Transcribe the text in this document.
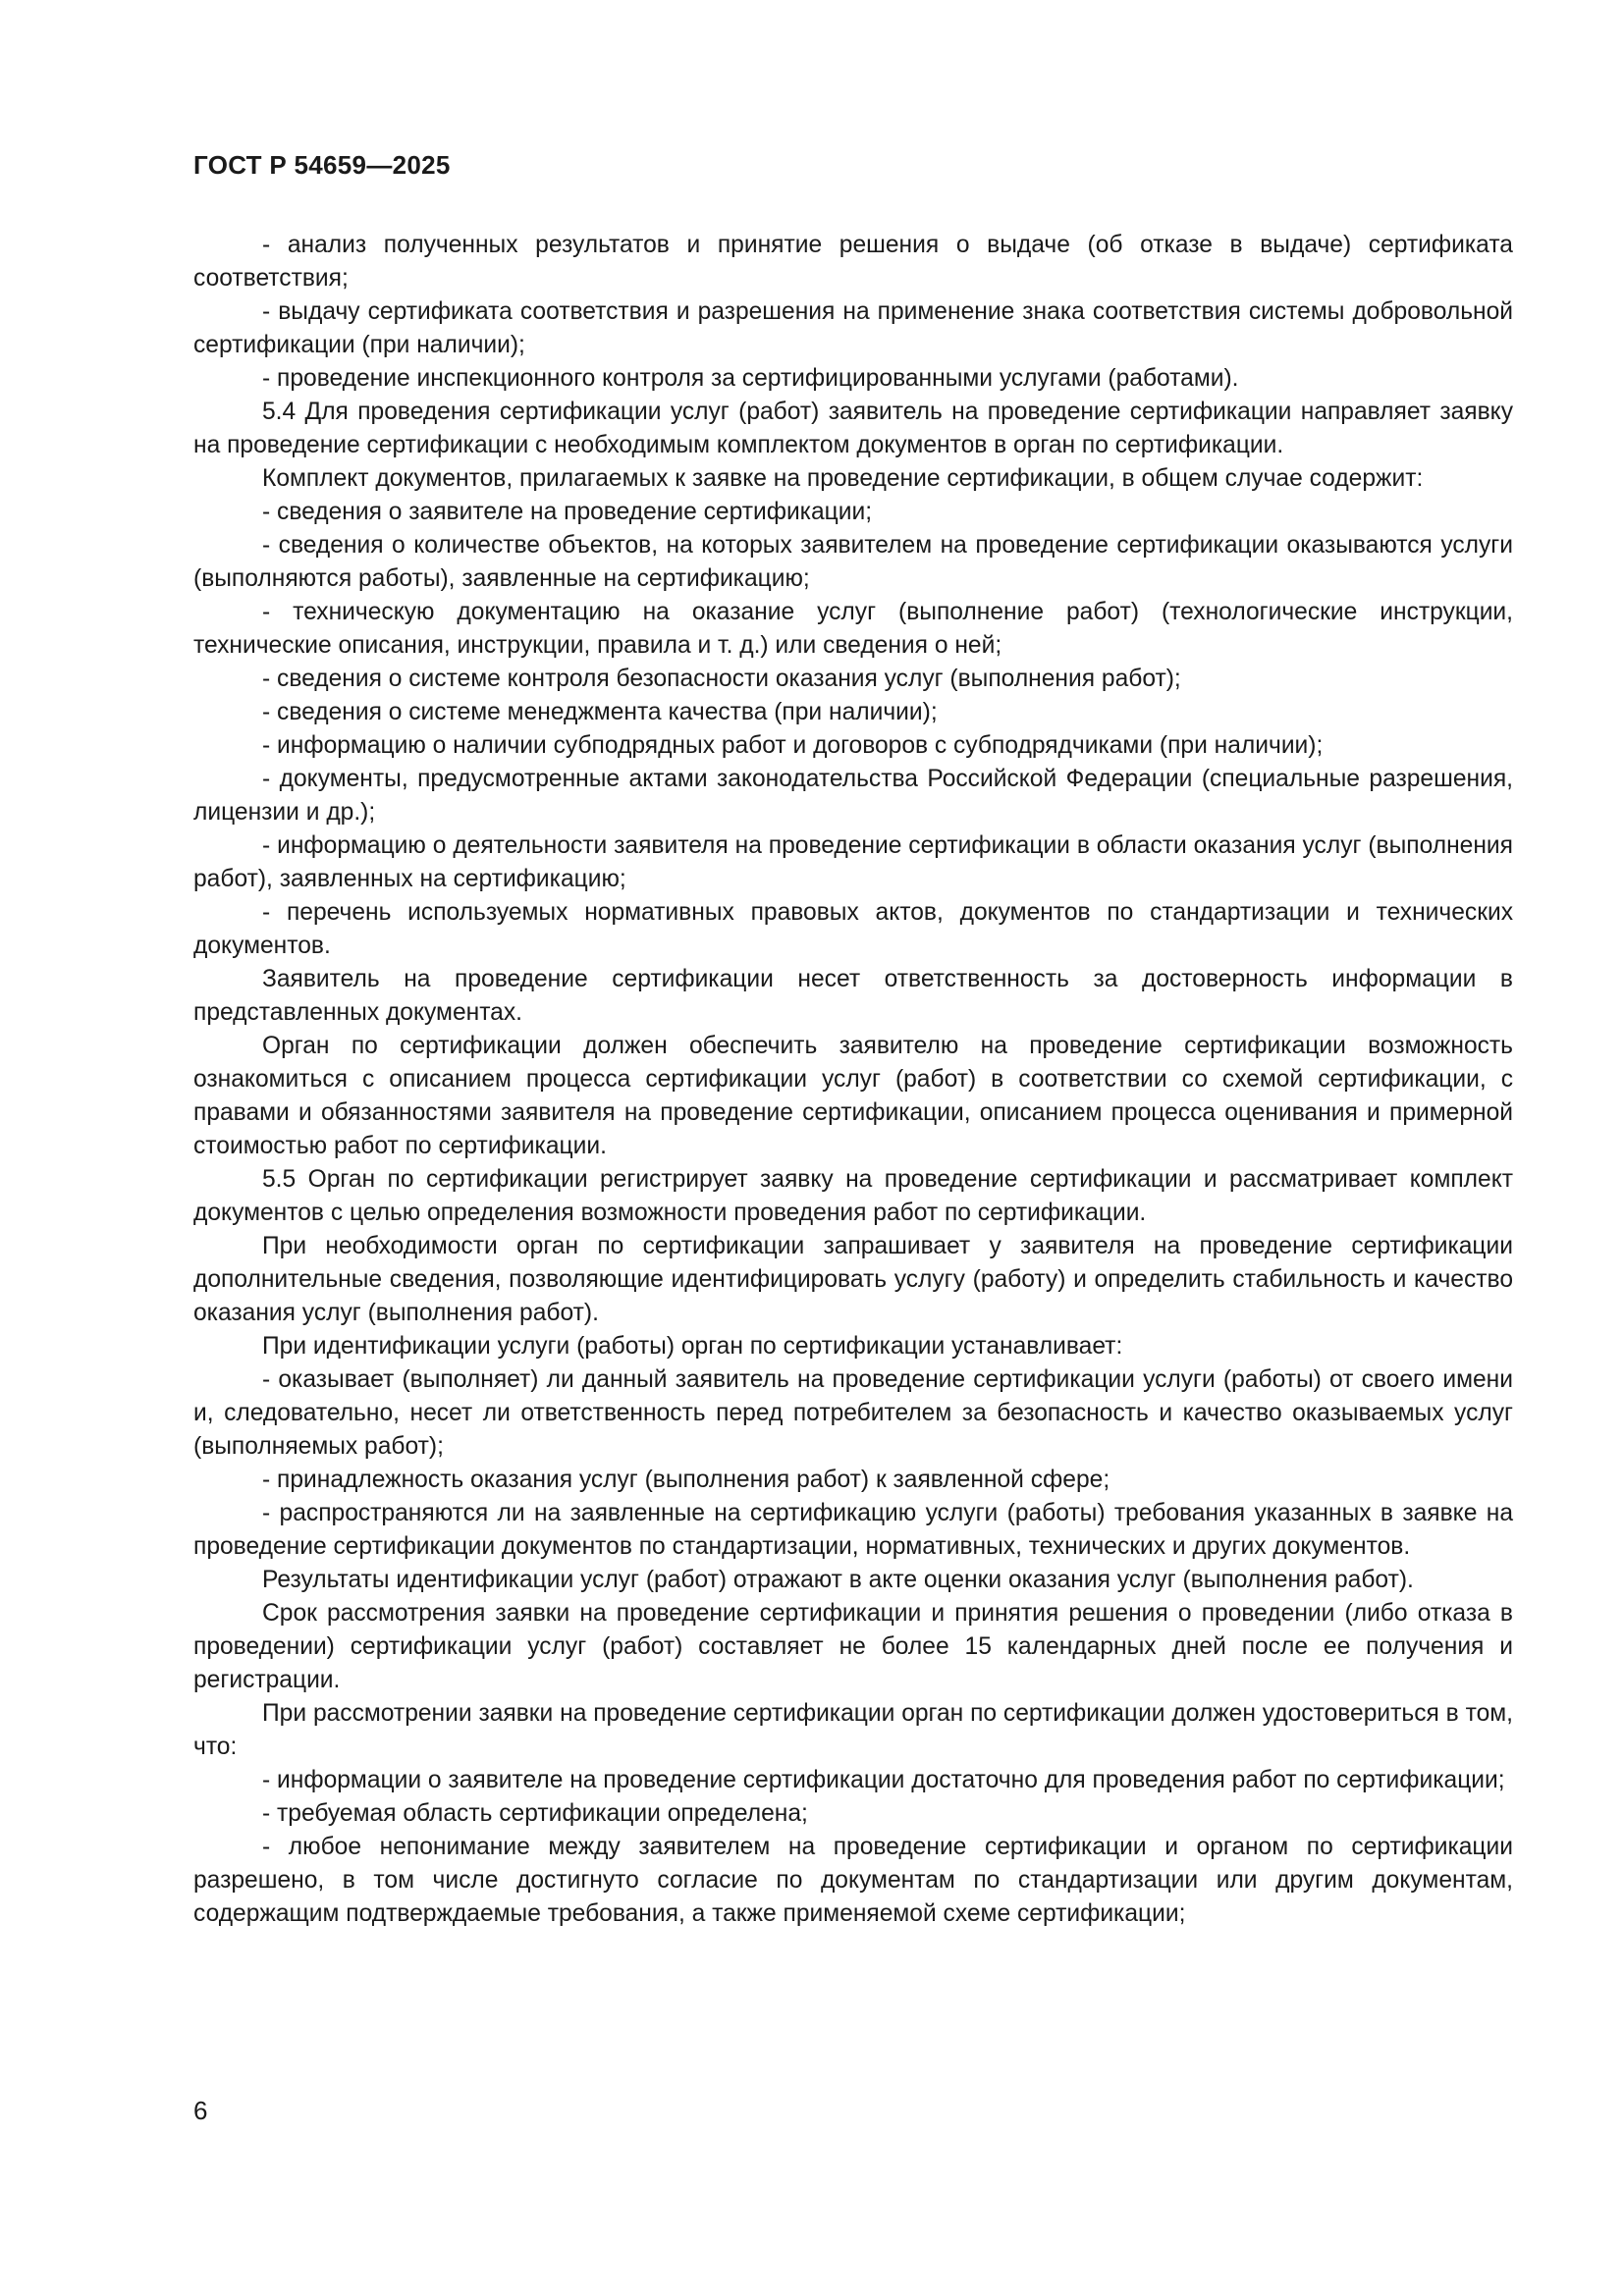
ГОСТ Р 54659—2025

- анализ полученных результатов и принятие решения о выдаче (об отказе в выдаче) сертификата соответствия;

- выдачу сертификата соответствия и разрешения на применение знака соответствия системы добровольной сертификации (при наличии);

- проведение инспекционного контроля за сертифицированными услугами (работами).

5.4 Для проведения сертификации услуг (работ) заявитель на проведение сертификации направляет заявку на проведение сертификации с необходимым комплектом документов в орган по сертификации.

Комплект документов, прилагаемых к заявке на проведение сертификации, в общем случае содержит:

- сведения о заявителе на проведение сертификации;

- сведения о количестве объектов, на которых заявителем на проведение сертификации оказываются услуги (выполняются работы), заявленные на сертификацию;

- техническую документацию на оказание услуг (выполнение работ) (технологические инструкции, технические описания, инструкции, правила и т. д.) или сведения о ней;

- сведения о системе контроля безопасности оказания услуг (выполнения работ);

- сведения о системе менеджмента качества (при наличии);

- информацию о наличии субподрядных работ и договоров с субподрядчиками (при наличии);

- документы, предусмотренные актами законодательства Российской Федерации (специальные разрешения, лицензии и др.);

- информацию о деятельности заявителя на проведение сертификации в области оказания услуг (выполнения работ), заявленных на сертификацию;

- перечень используемых нормативных правовых актов, документов по стандартизации и технических документов.

Заявитель на проведение сертификации несет ответственность за достоверность информации в представленных документах.

Орган по сертификации должен обеспечить заявителю на проведение сертификации возможность ознакомиться с описанием процесса сертификации услуг (работ) в соответствии со схемой сертификации, с правами и обязанностями заявителя на проведение сертификации, описанием процесса оценивания и примерной стоимостью работ по сертификации.

5.5 Орган по сертификации регистрирует заявку на проведение сертификации и рассматривает комплект документов с целью определения возможности проведения работ по сертификации.

При необходимости орган по сертификации запрашивает у заявителя на проведение сертификации дополнительные сведения, позволяющие идентифицировать услугу (работу) и определить стабильность и качество оказания услуг (выполнения работ).

При идентификации услуги (работы) орган по сертификации устанавливает:

- оказывает (выполняет) ли данный заявитель на проведение сертификации услуги (работы) от своего имени и, следовательно, несет ли ответственность перед потребителем за безопасность и качество оказываемых услуг (выполняемых работ);

- принадлежность оказания услуг (выполнения работ) к заявленной сфере;

- распространяются ли на заявленные на сертификацию услуги (работы) требования указанных в заявке на проведение сертификации документов по стандартизации, нормативных, технических и других документов.

Результаты идентификации услуг (работ) отражают в акте оценки оказания услуг (выполнения работ).

Срок рассмотрения заявки на проведение сертификации и принятия решения о проведении (либо отказа в проведении) сертификации услуг (работ) составляет не более 15 календарных дней после ее получения и регистрации.

При рассмотрении заявки на проведение сертификации орган по сертификации должен удостовериться в том, что:

- информации о заявителе на проведение сертификации достаточно для проведения работ по сертификации;

- требуемая область сертификации определена;

- любое непонимание между заявителем на проведение сертификации и органом по сертификации разрешено, в том числе достигнуто согласие по документам по стандартизации или другим документам, содержащим подтверждаемые требования, а также применяемой схеме сертификации;

6
